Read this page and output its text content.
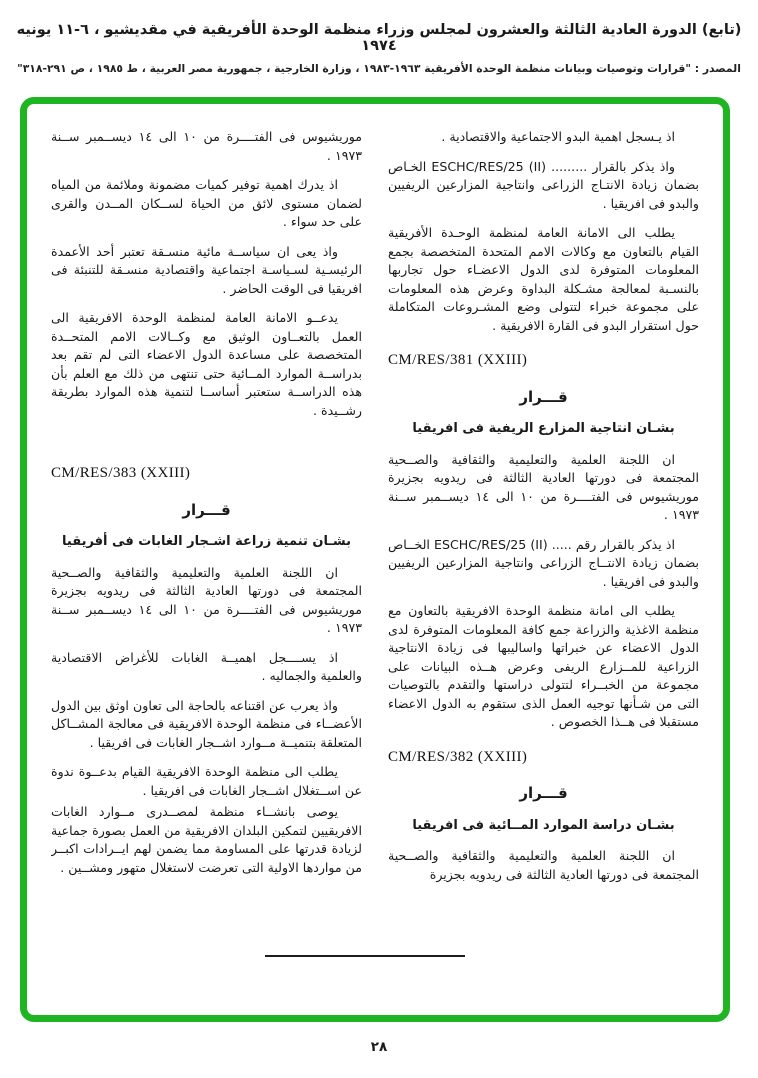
(تابع) الدورة العادية الثالثة والعشرون لمجلس وزراء منظمة الوحدة الأفريقية في مقديشيو ، ٦-١١ يونيه ١٩٧٤
المصدر : "قرارات وتوصيات وبيانات منظمة الوحدة الأفريقية ١٩٦٣-١٩٨٣ ، وزارة الخارجية ، جمهورية مصر العربية ، ط ١٩٨٥ ، ص ٢٩١-٣١٨"
اذ يـسجل اهمية البدو الاجتماعية والاقتصادية .
واذ يذكر بالقرار ......... ESCHC/RES/25 (II)‎ الخـاص بضمان زيادة الانتـاج الزراعى وانتاجية المزارعين الريفيين والبدو فى افريقيا .
يطلب الى الامانة العامة لمنظمة الوحـدة الأفريقية القيام بالتعاون مع وكالات الامم المتحدة المتخصصة بجمع المعلومات المتوفرة لدى الدول الاعضـاء حول تجاربها بالنسـبة لمعالجة مشـكلة البداوة وعرض هذه المعلومات على مجموعة خبراء لتتولى وضع المشـروعات المتكاملة حول استقرار البدو فى القارة الافريقية .
CM/RES/381 (XXIII)
قـــرار
بشـان انتاجية المزارع الريفية فى افريقيا
ان اللجنة العلمية والتعليمية والثقافية والصــحية المجتمعة فى دورتها العادية الثالثة فى ريدويه بجزيرة موريشيوس فى الفتــــرة من ١٠ الى ١٤ ديســمبر ســنة ١٩٧٣ .
اذ يذكر بالقرار رقم ..... ESCHC/RES/25 (II)‎ الخــاص بضمان زيادة الانتــاج الزراعى وانتاجية المزارعين الريفيين والبدو فى افريقيا .
يطلب الى امانة منظمة الوحدة الافريقية بالتعاون مع منظمة الاغذية والزراعة جمع كافة المعلومات المتوفرة لدى الدول الاعضاء عن خبراتها واساليبها فى زيادة الانتاجية الزراعية للمــزارع الريفى وعرض هــذه البيانات على مجموعة من الخبــراء لتتولى دراستها والتقدم بالتوصيات التى من شـأنها توجيه العمل الذى ستقوم به الدول الاعضاء مستقبلا فى هــذا الخصوص .
CM/RES/382 (XXIII)
قـــرار
بشـان دراسة الموارد المــائية فى افريقيا
ان اللجنة العلمية والتعليمية والثقافية والصــحية المجتمعة فى دورتها العادية الثالثة فى ريدويه بجزيرة
موريشيوس فى الفتــــرة من ١٠ الى ١٤ ديســمبر ســنة ١٩٧٣ .
اذ يدرك اهمية توفير كميات مضمونة وملائمة من المياه لضمان مستوى لائق من الحياة لســكان المــدن والقرى على حد سواء .
واذ يعى ان سياســة مائية منسـقة تعتبر أحد الأعمدة الرئيسـية لسـياسـة اجتماعية واقتصادية منسـقة للتنبئة فى افريقيا فى الوقت الحاضر .
يدعــو الامانة العامة لمنظمة الوحدة الافريقية الى العمل بالتعــاون الوثيق مع وكــالات الامم المتحــدة المتخصصة على مساعدة الدول الاعضاء التى لم تقم بعد بدراســة الموارد المــائية حتى تنتهى من ذلك مع العلم بأن هذه الدراســة ستعتبر أساســا لتنمية هذه الموارد بطريقة رشــيدة .
CM/RES/383 (XXIII)
قـــرار
بشـان تنمية زراعة اشـجار الغابات فى أفريقيا
ان اللجنة العلمية والتعليمية والثقافية والصــحية المجتمعة فى دورتها العادية الثالثة فى ريدويه بجزيرة موريشيوس فى الفتــــرة من ١٠ الى ١٤ ديســمبر ســنة ١٩٧٣ .
اذ يســــجل اهميــة الغابات للأغراض الاقتصادية والعلمية والجماليه .
واذ يعرب عن اقتناعه بالحاجة الى تعاون اوثق بين الدول الأعضــاء فى منظمة الوحدة الافريقية فى معالجة المشــاكل المتعلقة بتنميــة مــوارد اشــجار الغابات فى افريقيا .
يطلب الى منظمة الوحدة الافريقية القيام بدعــوة ندوة عن اســتغلال اشــجار الغابات فى افريقيا .
يوصى بانشــاء منظمة لمصــدرى مــوارد الغابات الافريقيين لتمكين البلدان الافريقية من العمل بصورة جماعية لزيادة قدرتها على المساومة مما يضمن لهم ايــرادات اكبــر من مواردها الاولية التى تعرضت لاستغلال متهور ومشــين .
٢٨
